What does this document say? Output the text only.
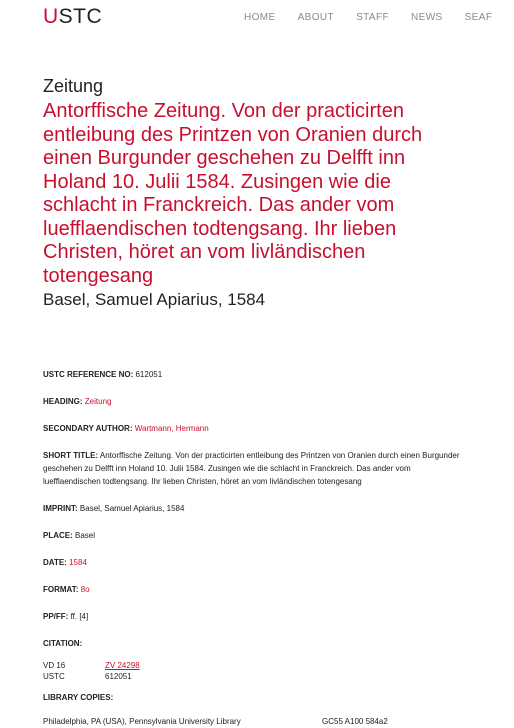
USTC	HOME ABOUT STAFF NEWS SEAF
Zeitung
Antorffische Zeitung. Von der practicirten entleibung des Printzen von Oranien durch einen Burgunder geschehen zu Delfft inn Holand 10. Julii 1584. Zusingen wie die schlacht in Franckreich. Das ander vom luefflaendischen todtengsang. Ihr lieben Christen, höret an vom livländischen totengesang
Basel, Samuel Apiarius, 1584
USTC REFERENCE NO: 612051
HEADING: Zeitung
SECONDARY AUTHOR: Wartmann, Hermann
SHORT TITLE: Antorffische Zeitung. Von der practicirten entleibung des Printzen von Oranien durch einen Burgunder geschehen zu Delfft inn Holand 10. Julii 1584. Zusingen wie die schlacht in Franckreich. Das ander vom luefflaendischen todtengsang. Ihr lieben Christen, höret an vom livländischen totengesang
IMPRINT: Basel, Samuel Apiarius, 1584
PLACE: Basel
DATE: 1584
FORMAT: 8o
PP/FF: ff. [4]
CITATION:
VD 16	ZV 24298
USTC	612051
LIBRARY COPIES:
Philadelphia, PA (USA), Pennsylvania University Library	GC55 A100 584a2
